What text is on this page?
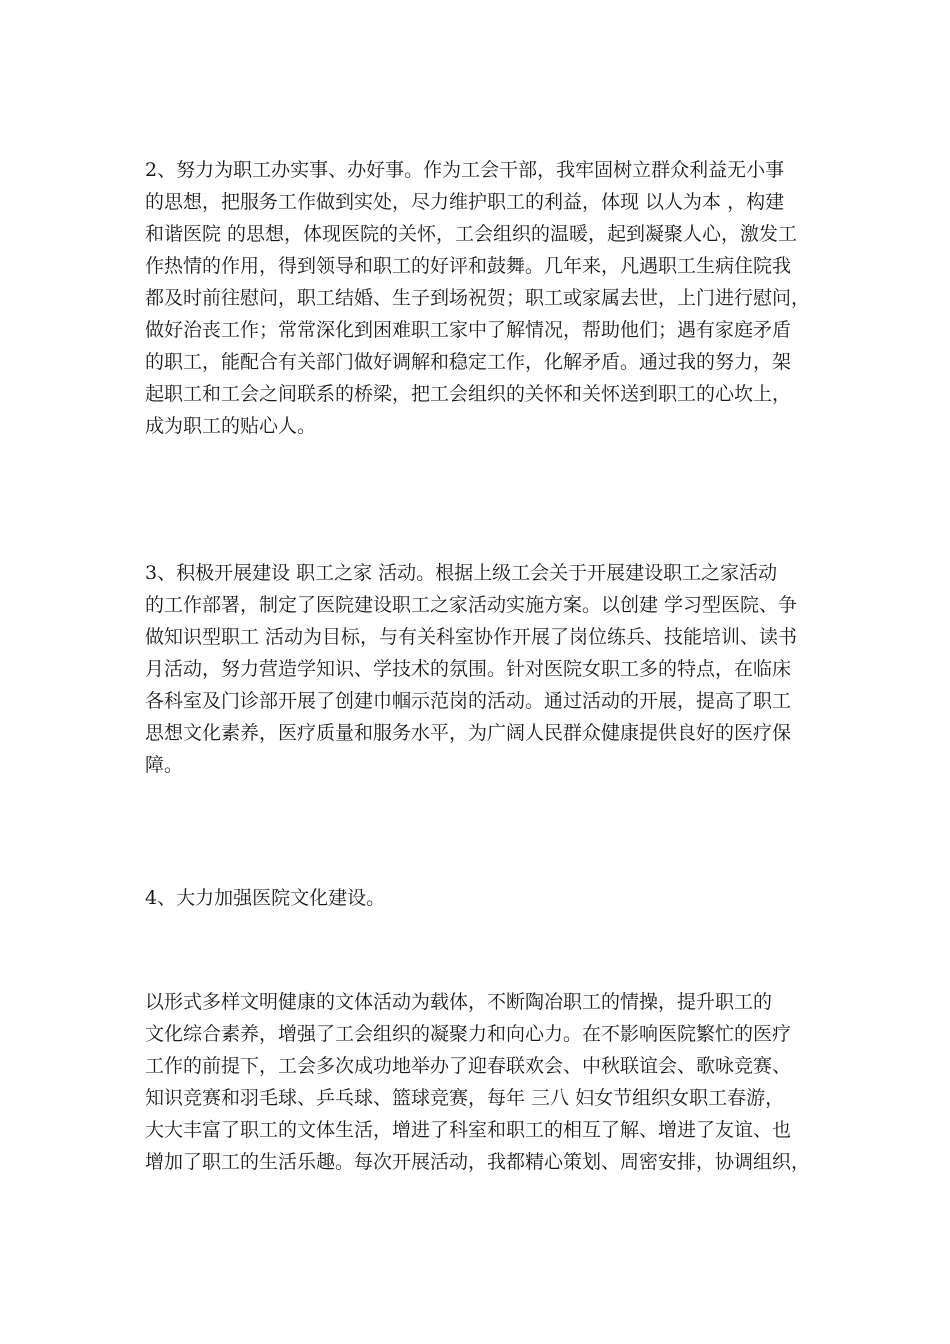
2、努力为职工办实事、办好事。作为工会干部，我牢固树立群众利益无小事
的思想，把服务工作做到实处，尽力维护职工的利益，体现 以人为本 ，构建
和谐医院 的思想，体现医院的关怀，工会组织的温暖，起到凝聚人心，激发工
作热情的作用，得到领导和职工的好评和鼓舞。几年来，凡遇职工生病住院我
都及时前往慰问，职工结婚、生子到场祝贺；职工或家属去世，上门进行慰问，
做好治丧工作；常常深化到困难职工家中了解情况，帮助他们；遇有家庭矛盾
的职工，能配合有关部门做好调解和稳定工作，化解矛盾。通过我的努力，架
起职工和工会之间联系的桥梁，把工会组织的关怀和关怀送到职工的心坎上，
成为职工的贴心人。
3、积极开展建设 职工之家 活动。根据上级工会关于开展建设职工之家活动
的工作部署，制定了医院建设职工之家活动实施方案。以创建 学习型医院、争
做知识型职工 活动为目标，与有关科室协作开展了岗位练兵、技能培训、读书
月活动，努力营造学知识、学技术的氛围。针对医院女职工多的特点，在临床
各科室及门诊部开展了创建巾帼示范岗的活动。通过活动的开展，提高了职工
思想文化素养，医疗质量和服务水平，为广阔人民群众健康提供良好的医疗保
障。
4、大力加强医院文化建设。
以形式多样文明健康的文体活动为载体，不断陶冶职工的情操，提升职工的
文化综合素养，增强了工会组织的凝聚力和向心力。在不影响医院繁忙的医疗
工作的前提下，工会多次成功地举办了迎春联欢会、中秋联谊会、歌咏竞赛、
知识竞赛和羽毛球、乒乓球、篮球竞赛，每年 三八 妇女节组织女职工春游，
大大丰富了职工的文体生活，增进了科室和职工的相互了解、增进了友谊、也
增加了职工的生活乐趣。每次开展活动，我都精心策划、周密安排，协调组织，
